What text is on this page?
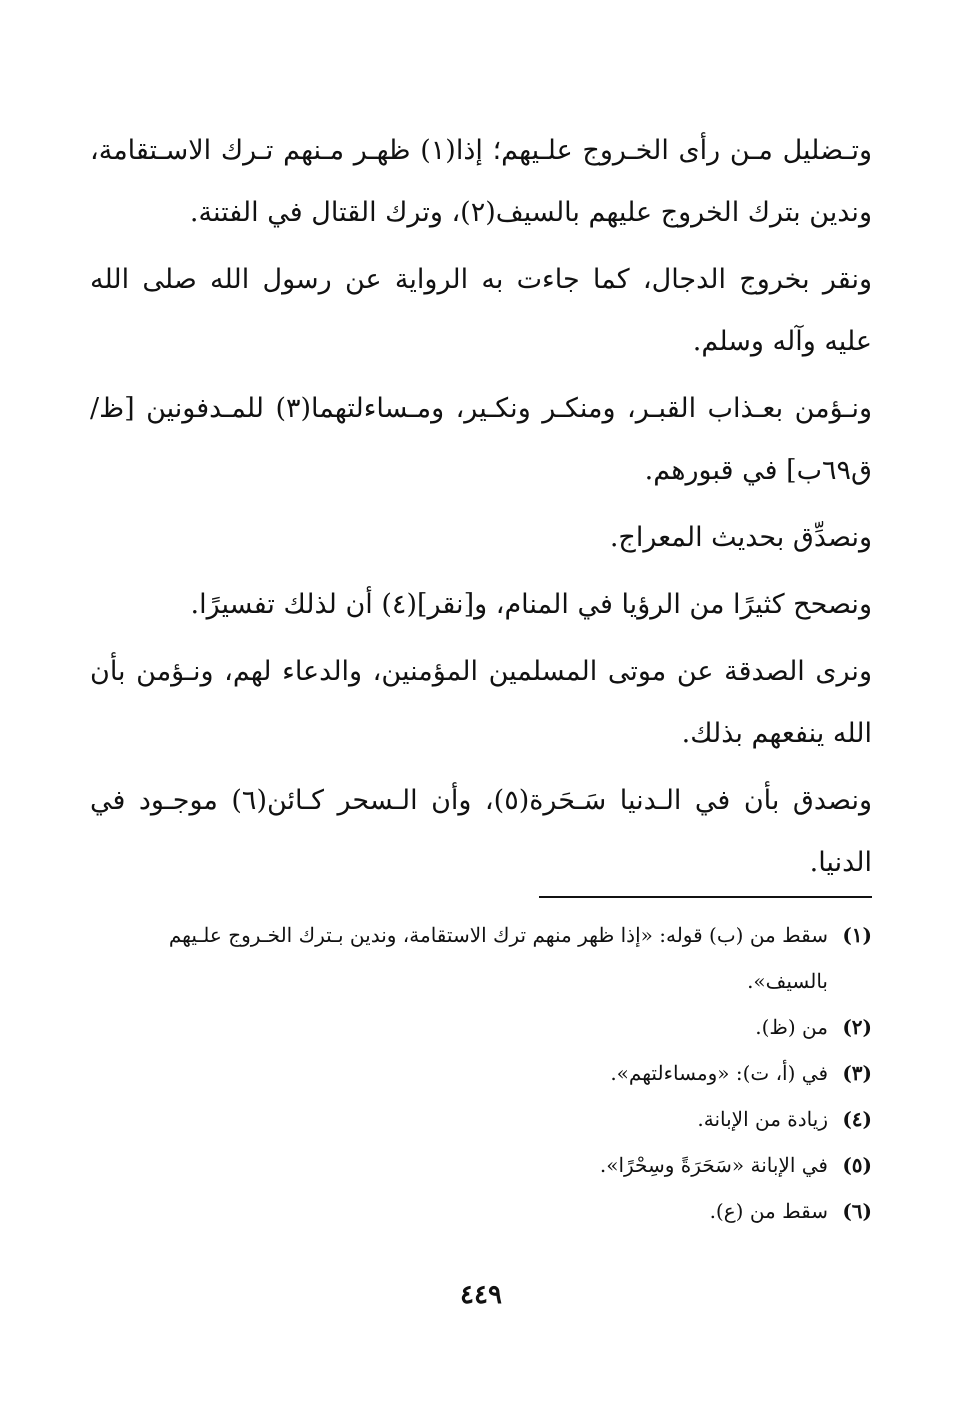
وتـضليل مـن رأى الخـروج علـيهم؛ إذا(١) ظهـر مـنهم تـرك الاسـتقامة، وندين بترك الخروج عليهم بالسيف(٢)، وترك القتال في الفتنة.

ونقر بخروج الدجال، كما جاءت به الرواية عن رسول الله صلى الله عليه وآله وسلم.

ونـؤمن بعـذاب القبـر، ومنكـر ونكـير، ومـساءلتهما(٣) للمـدفونين [ظ/ ق٦٩ب] في قبورهم.

ونصدِّق بحديث المعراج.

ونصحح كثيرًا من الرؤيا في المنام، و[نقر](٤) أن لذلك تفسيرًا.

ونرى الصدقة عن موتى المسلمين المؤمنين، والدعاء لهم، ونـؤمن بأن الله ينفعهم بذلك.

ونصدق بأن في الـدنيا سَـحَرة(٥)، وأن الـسحر كـائن(٦) موجـود في الدنيا.

(١)
سقط من (ب) قوله: «إذا ظهر منهم ترك الاستقامة، وندين بـترك الخـروج علـيهم بالسيف».
(٢)
من (ظ).
(٣)
في (أ، ت): «ومساءلتهم».
(٤)
زيادة من الإبانة.
(٥)
في الإبانة «سَحَرَةً وسِحْرًا».
(٦)
سقط من (ع).
٤٤٩
